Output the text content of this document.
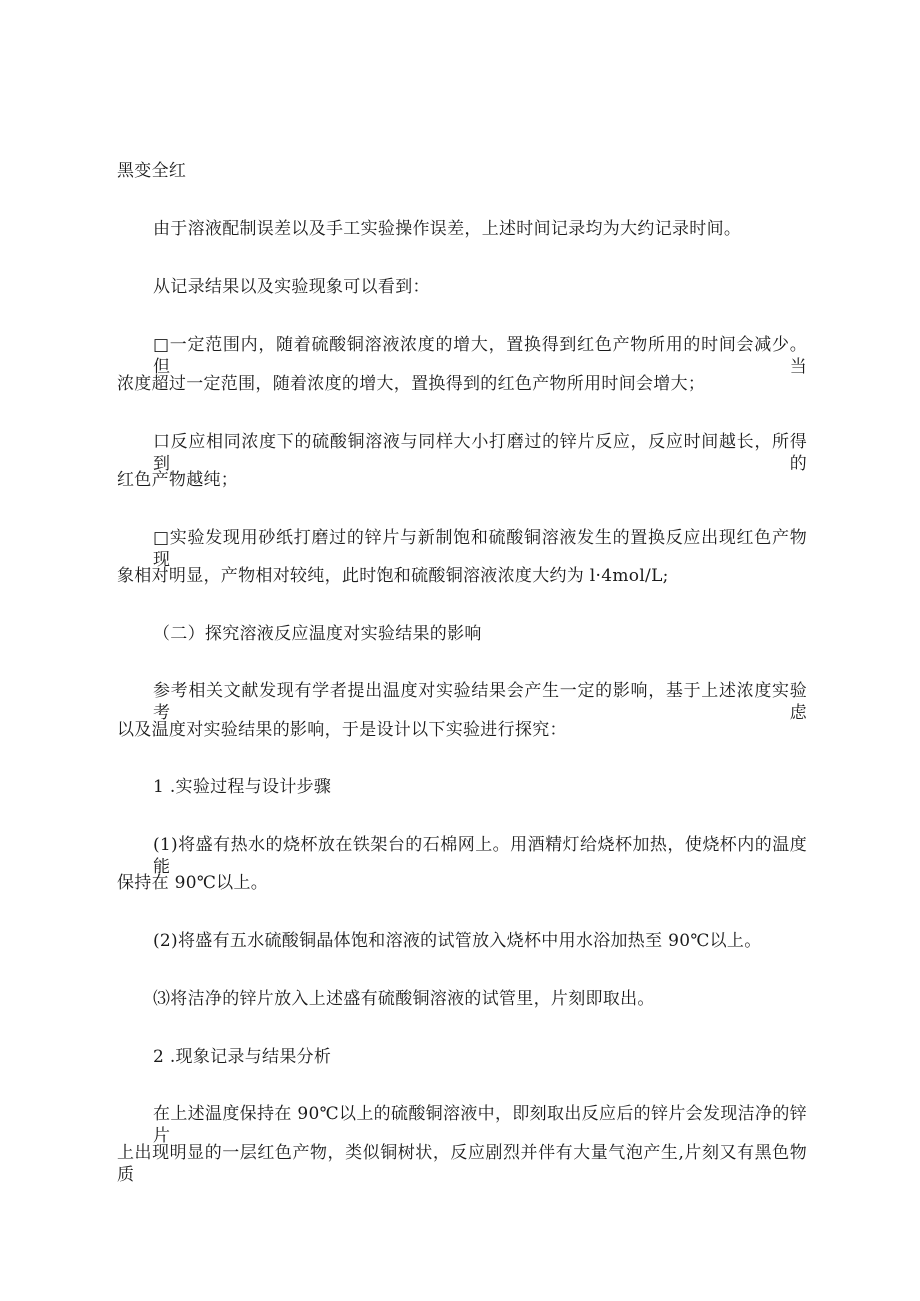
黑变全红
由于溶液配制误差以及手工实验操作误差，上述时间记录均为大约记录时间。
从记录结果以及实验现象可以看到：
□一定范围内，随着硫酸铜溶液浓度的增大，置换得到红色产物所用的时间会减少。但当
浓度超过一定范围，随着浓度的增大，置换得到的红色产物所用时间会增大；
口反应相同浓度下的硫酸铜溶液与同样大小打磨过的锌片反应，反应时间越长，所得到的
红色产物越纯；
□实验发现用砂纸打磨过的锌片与新制饱和硫酸铜溶液发生的置换反应出现红色产物现
象相对明显，产物相对较纯，此时饱和硫酸铜溶液浓度大约为 l·4mol/L;
（二）探究溶液反应温度对实验结果的影响
参考相关文献发现有学者提出温度对实验结果会产生一定的影响，基于上述浓度实验考虑
以及温度对实验结果的影响，于是设计以下实验进行探究：
1 .实验过程与设计步骤
(1)将盛有热水的烧杯放在铁架台的石棉网上。用酒精灯给烧杯加热，使烧杯内的温度能
保持在 90℃以上。
(2)将盛有五水硫酸铜晶体饱和溶液的试管放入烧杯中用水浴加热至 90℃以上。
⑶将洁净的锌片放入上述盛有硫酸铜溶液的试管里，片刻即取出。
2 .现象记录与结果分析
在上述温度保持在 90℃以上的硫酸铜溶液中，即刻取出反应后的锌片会发现洁净的锌片
上出现明显的一层红色产物，类似铜树状，反应剧烈并伴有大量气泡产生,片刻又有黑色物质
